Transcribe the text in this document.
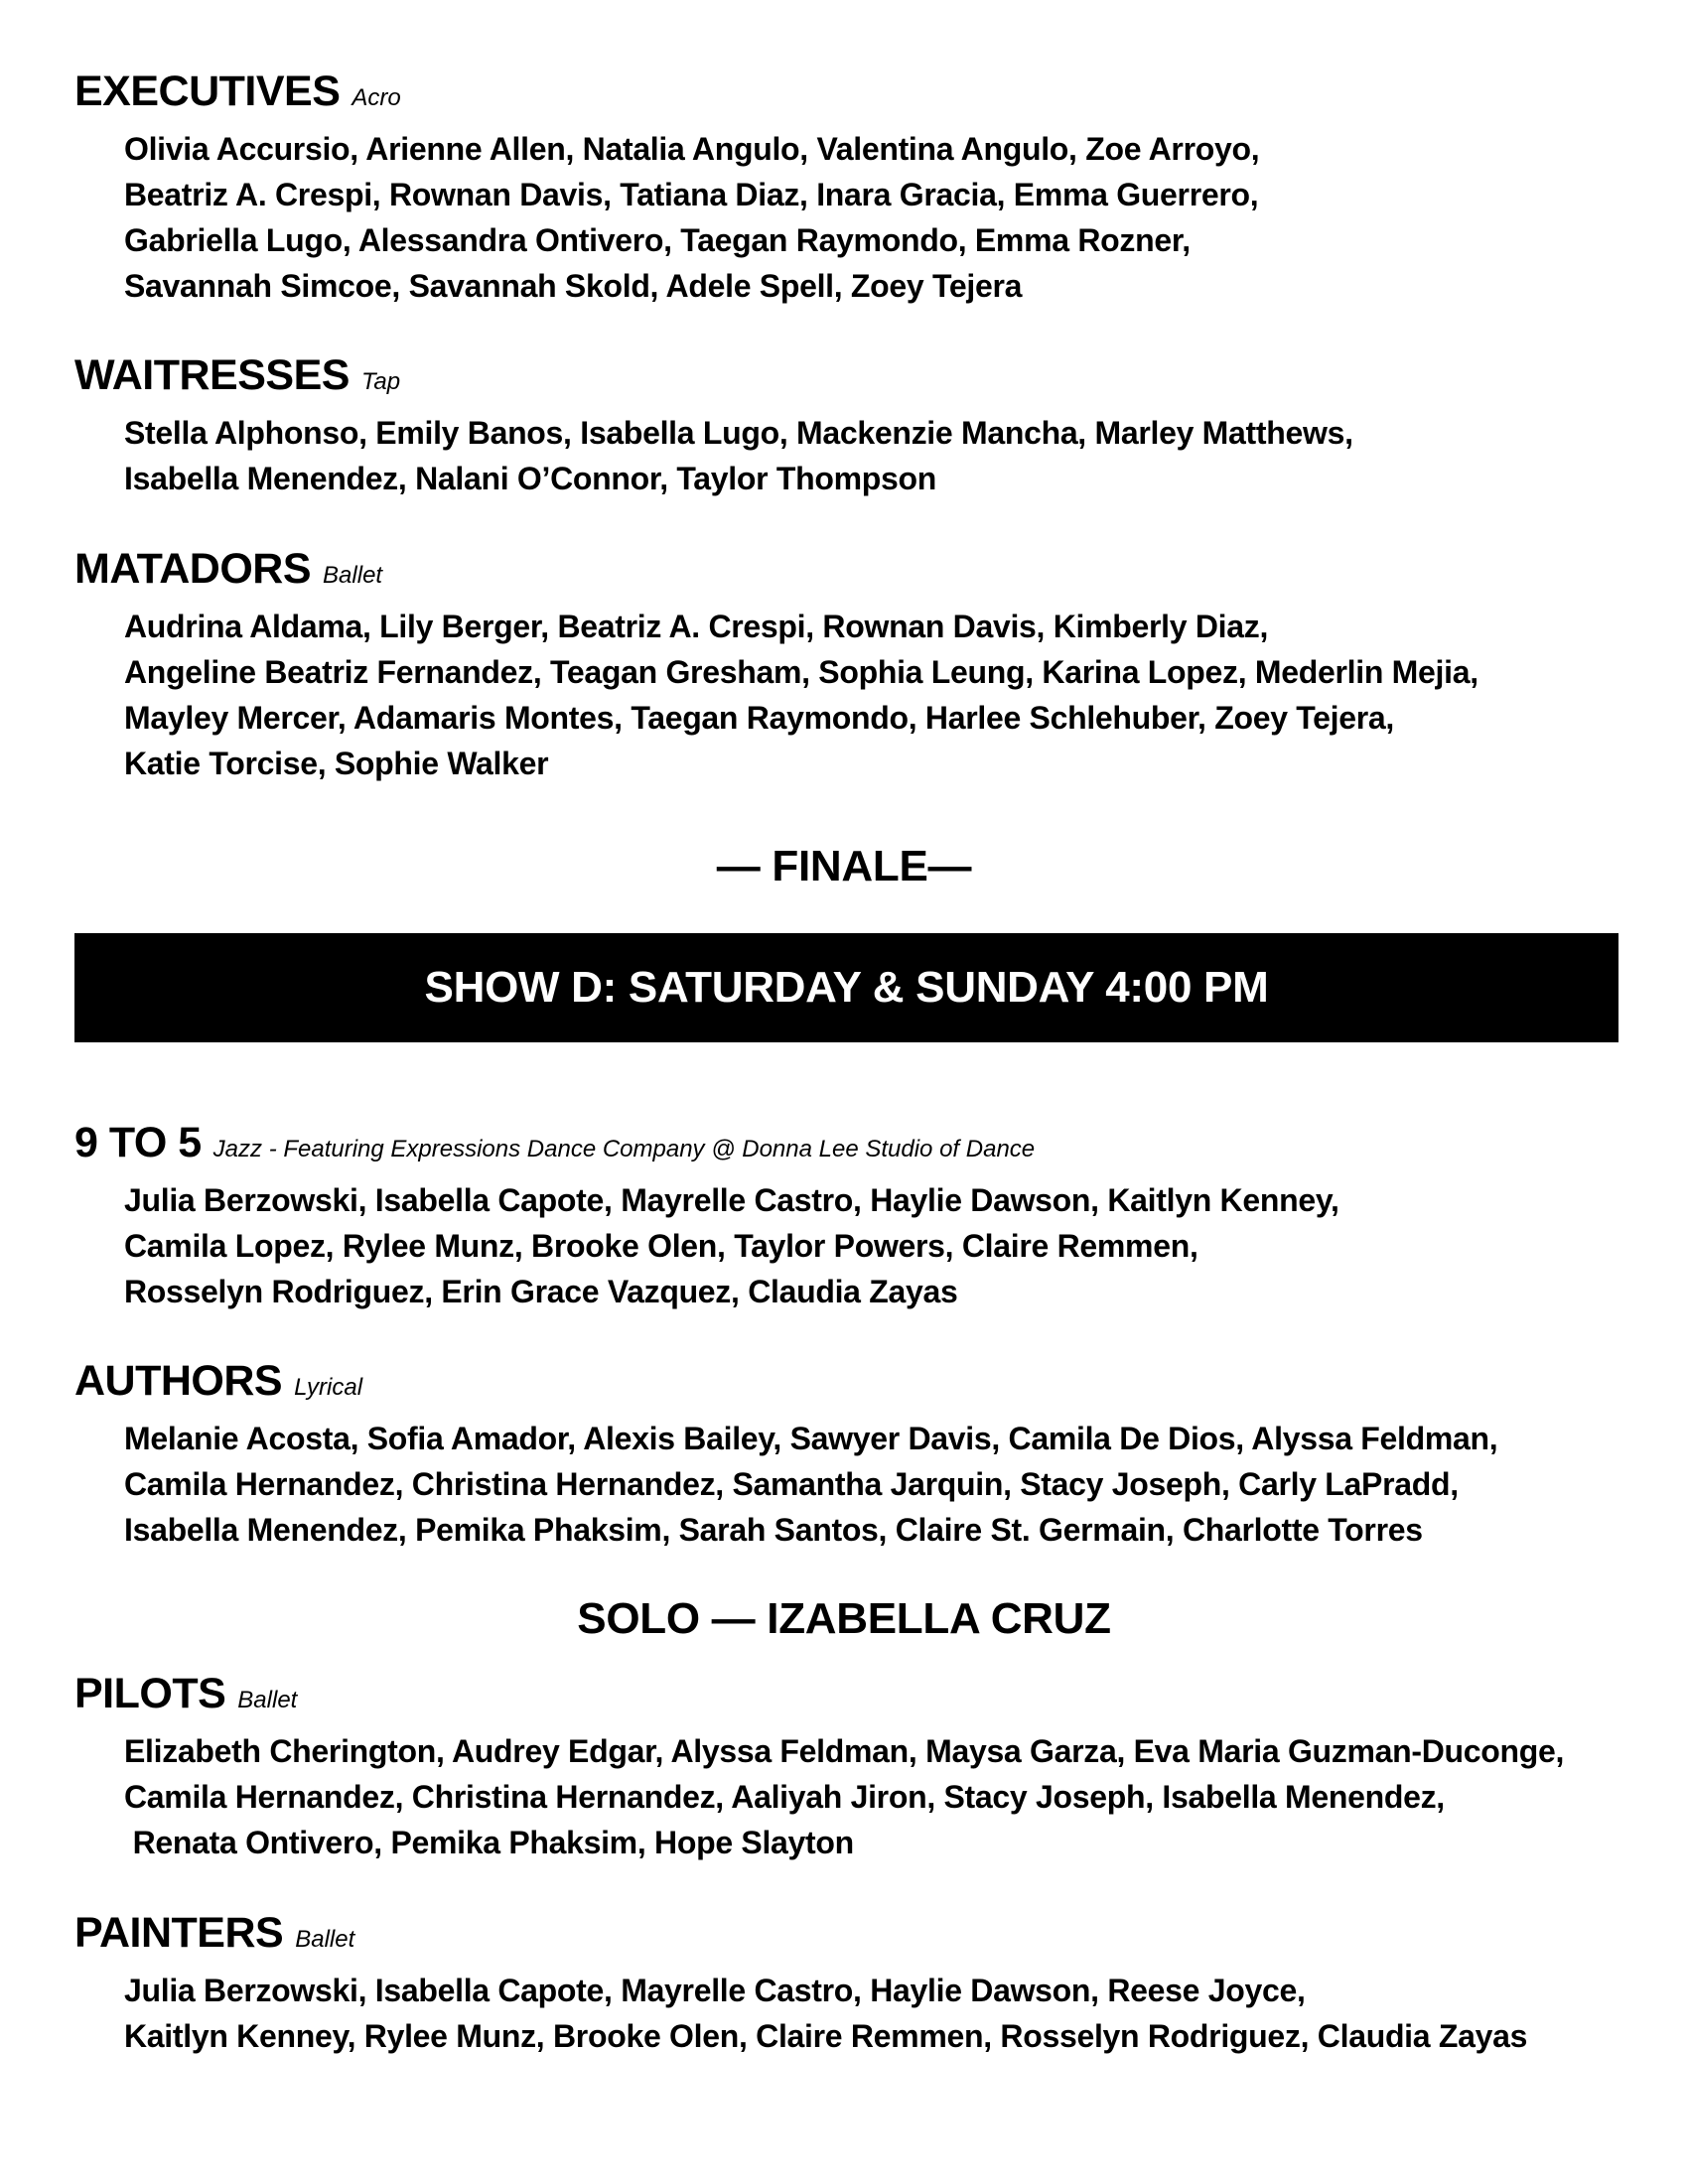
EXECUTIVES Acro
Olivia Accursio, Arienne Allen, Natalia Angulo, Valentina Angulo, Zoe Arroyo,
Beatriz A. Crespi, Rownan Davis, Tatiana Diaz, Inara Gracia, Emma Guerrero,
Gabriella Lugo, Alessandra Ontivero, Taegan Raymondo, Emma Rozner,
Savannah Simcoe, Savannah Skold, Adele Spell, Zoey Tejera
WAITRESSES Tap
Stella Alphonso, Emily Banos, Isabella Lugo, Mackenzie Mancha, Marley Matthews,
Isabella Menendez, Nalani O’Connor, Taylor Thompson
MATADORS Ballet
Audrina Aldama, Lily Berger, Beatriz A. Crespi, Rownan Davis, Kimberly Diaz,
Angeline Beatriz Fernandez, Teagan Gresham, Sophia Leung, Karina Lopez, Mederlin Mejia,
Mayley Mercer, Adamaris Montes, Taegan Raymondo, Harlee Schlehuber, Zoey Tejera,
Katie Torcise, Sophie Walker
— FINALE—
SHOW D: SATURDAY & SUNDAY 4:00 PM
9 TO 5 Jazz - Featuring Expressions Dance Company @ Donna Lee Studio of Dance
Julia Berzowski, Isabella Capote, Mayrelle Castro, Haylie Dawson, Kaitlyn Kenney,
Camila Lopez, Rylee Munz, Brooke Olen, Taylor Powers, Claire Remmen,
Rosselyn Rodriguez, Erin Grace Vazquez, Claudia Zayas
AUTHORS Lyrical
Melanie Acosta, Sofia Amador, Alexis Bailey, Sawyer Davis, Camila De Dios, Alyssa Feldman,
Camila Hernandez, Christina Hernandez, Samantha Jarquin, Stacy Joseph, Carly LaPradd,
Isabella Menendez, Pemika Phaksim, Sarah Santos, Claire St. Germain, Charlotte Torres
SOLO — IZABELLA CRUZ
PILOTS Ballet
Elizabeth Cherington, Audrey Edgar, Alyssa Feldman, Maysa Garza, Eva Maria Guzman-Duconge,
Camila Hernandez, Christina Hernandez, Aaliyah Jiron, Stacy Joseph, Isabella Menendez,
Renata Ontivero, Pemika Phaksim, Hope Slayton
PAINTERS Ballet
Julia Berzowski, Isabella Capote, Mayrelle Castro, Haylie Dawson, Reese Joyce,
Kaitlyn Kenney, Rylee Munz, Brooke Olen, Claire Remmen, Rosselyn Rodriguez, Claudia Zayas
